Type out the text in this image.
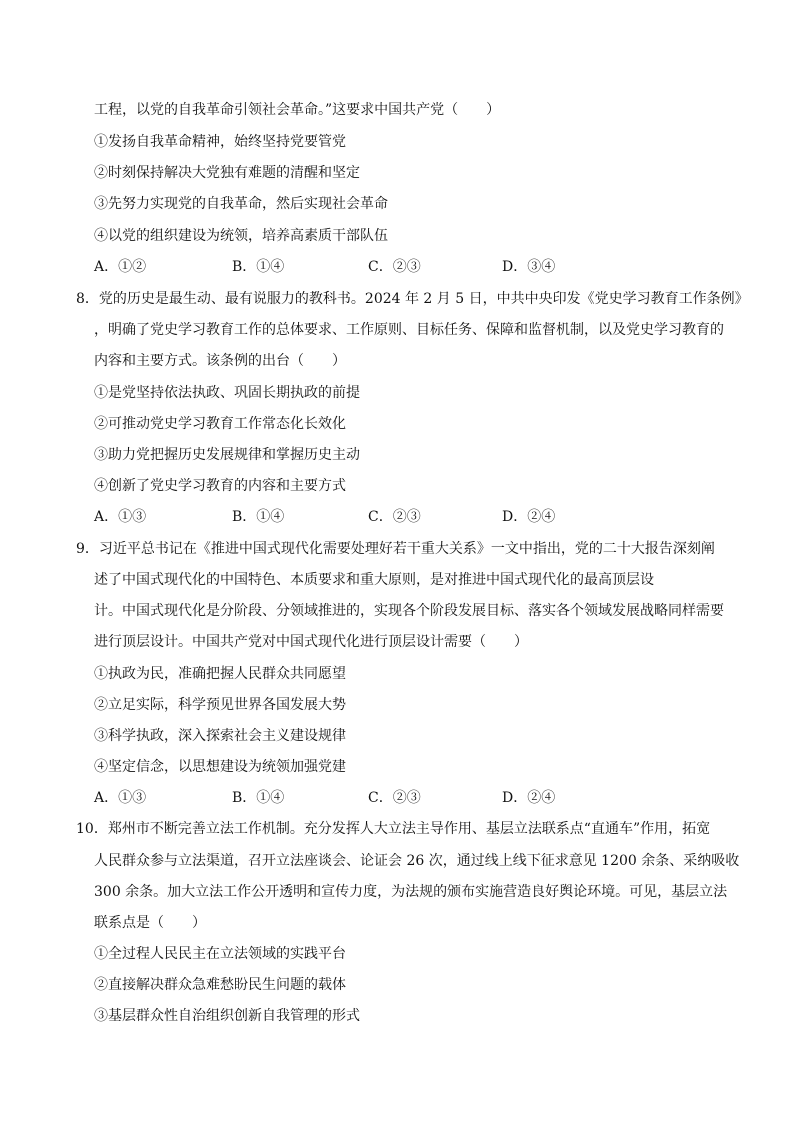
工程，以党的自我革命引领社会革命。”这要求中国共产党（　　）
①发扬自我革命精神，始终坚持党要管党
②时刻保持解决大党独有难题的清醒和坚定
③先努力实现党的自我革命，然后实现社会革命
④以党的组织建设为统领，培养高素质干部队伍
A．①②	B．①④	C．②③	D．③④
8．党的历史是最生动、最有说服力的教科书。2024 年 2 月 5 日，中共中央印发《党史学习教育工作条例》
，明确了党史学习教育工作的总体要求、工作原则、目标任务、保障和监督机制，以及党史学习教育的
内容和主要方式。该条例的出台（　　）
①是党坚持依法执政、巩固长期执政的前提
②可推动党史学习教育工作常态化长效化
③助力党把握历史发展规律和掌握历史主动
④创新了党史学习教育的内容和主要方式
A．①③	B．①④	C．②③	D．②④
9．习近平总书记在《推进中国式现代化需要处理好若干重大关系》一文中指出，党的二十大报告深刻阐
述了中国式现代化的中国特色、本质要求和重大原则，是对推进中国式现代化的最高顶层设
计。中国式现代化是分阶段、分领域推进的，实现各个阶段发展目标、落实各个领域发展战略同样需要
进行顶层设计。中国共产党对中国式现代化进行顶层设计需要（　　）
①执政为民，准确把握人民群众共同愿望
②立足实际，科学预见世界各国发展大势
③科学执政，深入探索社会主义建设规律
④坚定信念，以思想建设为统领加强党建
A．①③	B．①④	C．②③	D．②④
10．郑州市不断完善立法工作机制。充分发挥人大立法主导作用、基层立法联系点“直通车”作用，拓宽
人民群众参与立法渠道，召开立法座谈会、论证会 26 次，通过线上线下征求意见 1200 余条、采纳吸收
300 余条。加大立法工作公开透明和宣传力度，为法规的颁布实施营造良好舆论环境。可见，基层立法
联系点是（　　）
①全过程人民民主在立法领域的实践平台
②直接解决群众急难愁盼民生问题的载体
③基层群众性自治组织创新自我管理的形式
